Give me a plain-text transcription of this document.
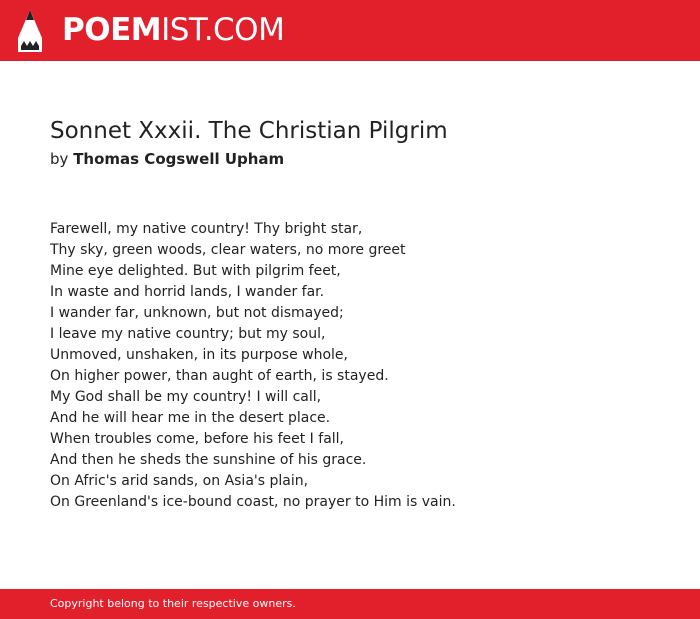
POEMIST.COM
Sonnet Xxxii. The Christian Pilgrim
by Thomas Cogswell Upham
Farewell, my native country! Thy bright star,
Thy sky, green woods, clear waters, no more greet
Mine eye delighted. But with pilgrim feet,
In waste and horrid lands, I wander far.
I wander far, unknown, but not dismayed;
I leave my native country; but my soul,
Unmoved, unshaken, in its purpose whole,
On higher power, than aught of earth, is stayed.
My God shall be my country! I will call,
And he will hear me in the desert place.
When troubles come, before his feet I fall,
And then he sheds the sunshine of his grace.
On Afric's arid sands, on Asia's plain,
On Greenland's ice-bound coast, no prayer to Him is vain.
Copyright belong to their respective owners.
